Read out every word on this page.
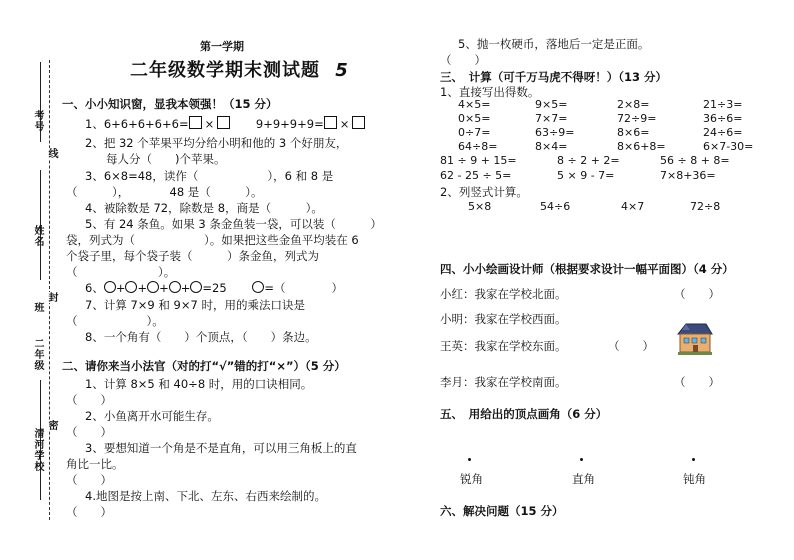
考号
线
姓名
封
班
二年级
密
清河学校
第一学期
二年级数学期末测试题 5
一、小小知识窗，显我本领强！（15 分）
1、6+6+6+6+6= ×	9+9+9+9= ×
2、把 32 个苹果平均分给小明和他的 3 个好朋友，
每人分（　　)个苹果。
3、6×8=48，读作（　　　　　　），6 和 8 是
（　　　），　　　　48 是（　　　）。
4、被除数是 72，除数是 8，商是（　　　）。
5、有 24 条鱼。如果 3 条金鱼装一袋，可以装（　　　）
袋，列式为（　　　　　　）。如果把这些金鱼平均装在 6
个袋子里，每个袋子装（　　　）条金鱼，列式为
（　　　　　　　）。
6、 + + + + =25	=（　　　　）
7、计算 7×9 和 9×7 时，用的乘法口诀是
（　　　　　　）。
8、一个角有（　　）个顶点，（　　）条边。
二、请你来当小法官（对的打“√”错的打“×”）（5 分）
1、计算 8×5 和 40÷8 时，用的口诀相同。
（　　）
2、小鱼离开水可能生存。
（　　）
3、要想知道一个角是不是直角，可以用三角板上的直
角比一比。
（　　）
4.地图是按上南、下北、左东、右西来绘制的。
（　　）
5、抛一枚硬币，落地后一定是正面。
（　　）
三、　计算（可千万马虎不得呀！）（13 分）
1、直接写出得数。
4×5=	9×5=	2×8=	21÷3=
0×5=	7×7=	72÷9=	36÷6=
0÷7=	63÷9=	8×6=	24÷6=
64÷8=	8×4=	8×6+8=	6×7-30=
81 ÷ 9 + 15=	8 ÷ 2 + 2=	56 ÷ 8 + 8=
62 - 25 ÷ 5=	5 × 9 - 7=	7×8+36=
2、列竖式计算。
5×8	54÷6	4×7	72÷8
四、小小绘画设计师（根据要求设计一幅平面图）（4 分）
小红：我家在学校北面。	（　　）
小明：我家在学校西面。
王英：我家在学校东面。	（　　）
李月：我家在学校南面。	（　　）
五、　用给出的顶点画角（6 分）
锐角	直角	钝角
六、解决问题（15 分）
